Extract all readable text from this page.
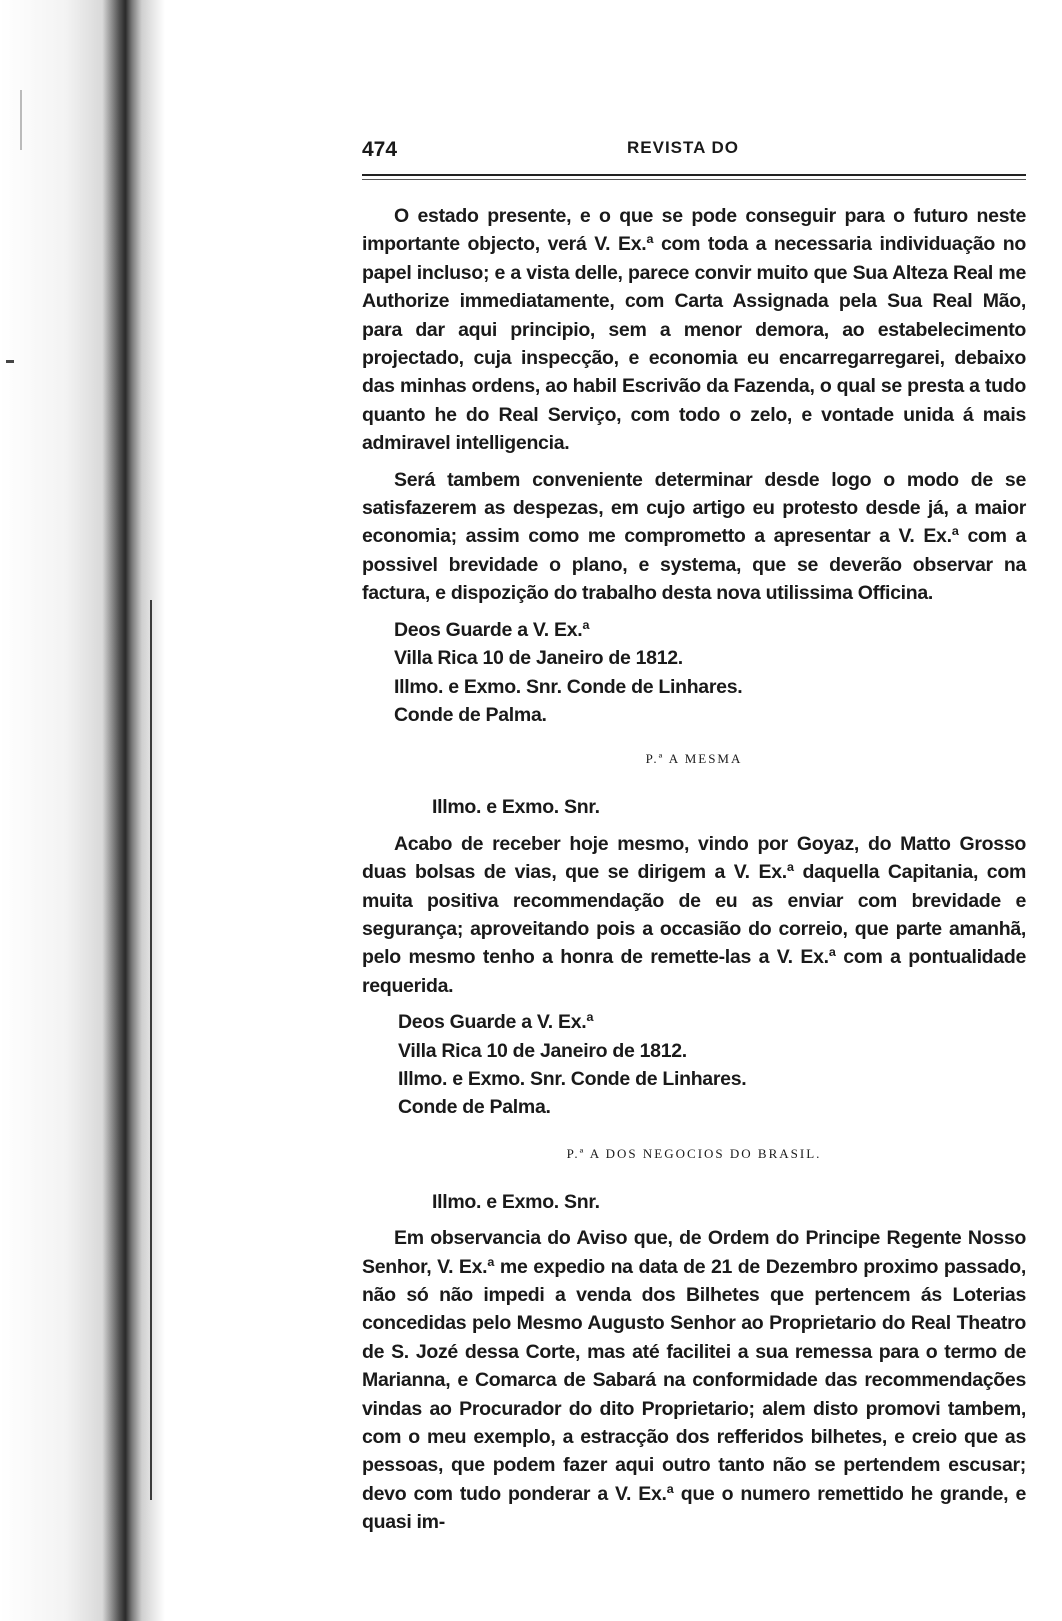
474	REVISTA DO

O estado presente, e o que se pode conseguir para o futuro neste importante objecto, verá V. Ex.ª com toda a necessaria individuação no papel incluso; e a vista delle, parece convir muito que Sua Alteza Real me Authorize immediatamente, com Carta Assignada pela Sua Real Mão, para dar aqui principio, sem a menor demora, ao estabelecimento projectado, cuja inspecção, e economia eu encarregarregarei, debaixo das minhas ordens, ao habil Escrivão da Fazenda, o qual se presta a tudo quanto he do Real Serviço, com todo o zelo, e vontade unida á mais admiravel intelligencia.

Será tambem conveniente determinar desde logo o modo de se satisfazerem as despezas, em cujo artigo eu protesto desde já, a maior economia; assim como me comprometto a apresentar a V. Ex.ª com a possivel brevidade o plano, e systema, que se deverão observar na factura, e dispozição do trabalho desta nova utilissima Officina.

Deos Guarde a V. Ex.ª

Villa Rica 10 de Janeiro de 1812.

Illmo. e Exmo. Snr. Conde de Linhares.

Conde de Palma.

P.ª A MESMA

Illmo. e Exmo. Snr.

Acabo de receber hoje mesmo, vindo por Goyaz, do Matto Grosso duas bolsas de vias, que se dirigem a V. Ex.ª daquella Capitania, com muita positiva recommendação de eu as enviar com brevidade e segurança; aproveitando pois a occasião do correio, que parte amanhã, pelo mesmo tenho a honra de remette-las a V. Ex.ª com a pontualidade requerida.

Deos Guarde a V. Ex.ª

Villa Rica 10 de Janeiro de 1812.

Illmo. e Exmo. Snr. Conde de Linhares.

Conde de Palma.

P.ª A DOS NEGOCIOS DO BRASIL.

Illmo. e Exmo. Snr.

Em observancia do Aviso que, de Ordem do Principe Regente Nosso Senhor, V. Ex.ª me expedio na data de 21 de Dezembro proximo passado, não só não impedi a venda dos Bilhetes que pertencem ás Loterias concedidas pelo Mesmo Augusto Senhor ao Proprietario do Real Theatro de S. Jozé dessa Corte, mas até facilitei a sua remessa para o termo de Marianna, e Comarca de Sabará na conformidade das recommendações vindas ao Procurador do dito Proprietario; alem disto promovi tambem, com o meu exemplo, a estracção dos refferidos bilhetes, e creio que as pessoas, que podem fazer aqui outro tanto não se pertendem escusar; devo com tudo ponderar a V. Ex.ª que o numero remettido he grande, e quasi im-
